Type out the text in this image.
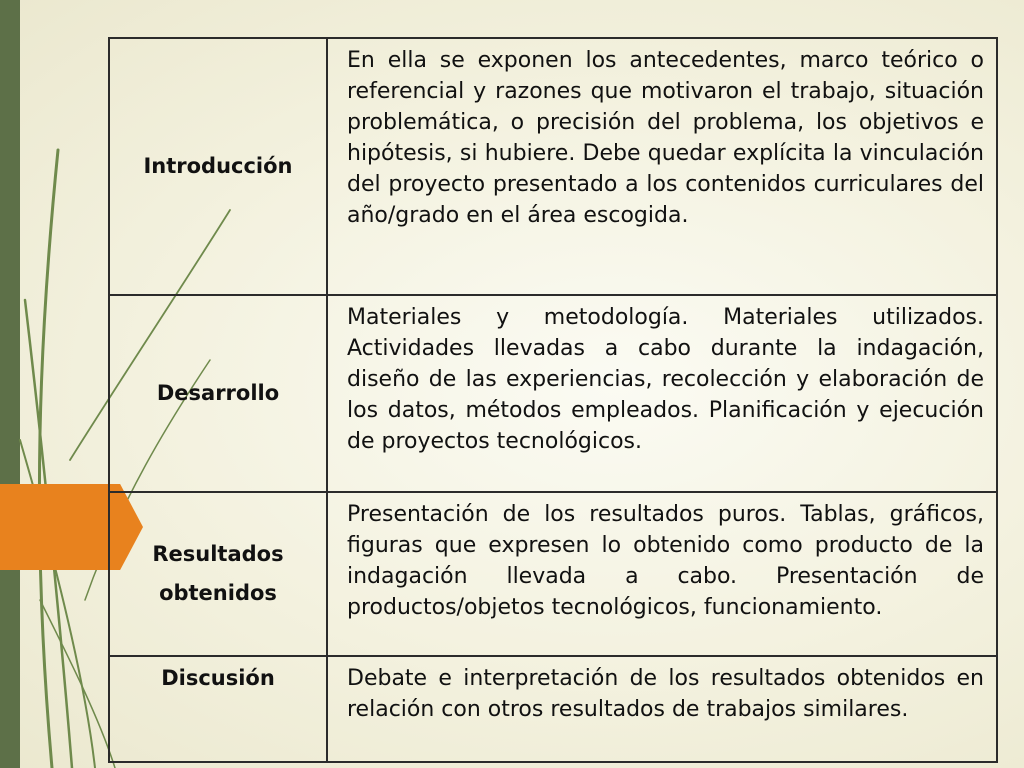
Introducción	En ella se exponen los antecedentes, marco teórico o referencial y razones que motivaron el trabajo, situación problemática, o precisión del problema, los objetivos e hipótesis, si hubiere. Debe quedar explícita la vinculación del proyecto presentado a los contenidos curriculares del año/grado en el área escogida.
Desarrollo	Materiales y metodología. Materiales utilizados. Actividades llevadas a cabo durante la indagación, diseño de las experiencias, recolección y elaboración de los datos, métodos empleados. Planificación y ejecución de proyectos tecnológicos.
Resultados obtenidos	Presentación de los resultados puros. Tablas, gráficos, figuras que expresen lo obtenido como producto de la indagación llevada a cabo. Presentación de productos/objetos tecnológicos, funcionamiento.
Discusión	Debate e interpretación de los resultados obtenidos en relación con otros resultados de trabajos similares.
